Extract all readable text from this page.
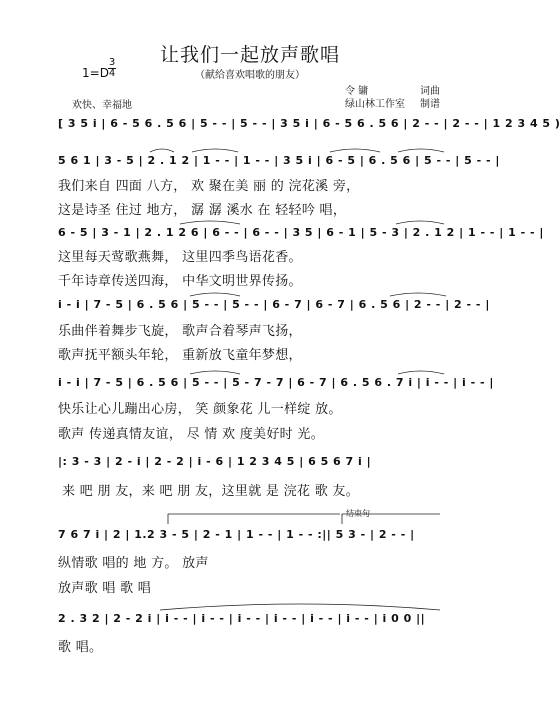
让我们一起放声歌唱
（献给喜欢唱歌的朋友）
1=D
3
4
欢快、幸福地
令 镛	词曲
绿山林工作室 制谱
[ 3 5 i | 6 - 5 6 . 5 6 | 5 - - | 5 - - | 3 5 i | 6 - 5 6 . 5 6 | 2 - - | 2 - - | 1 2 3 4 5 )
5 6 1 | 3 - 5 | 2 . 1 2 | 1 - - | 1 - - | 3 5 i | 6 - 5 | 6 . 5 6 | 5 - - | 5 - - |
我们来自 四面 八方， 欢 聚在美 丽 的 浣花溪 旁，
这是诗圣 住过 地方， 潺 潺 溪水 在 轻轻吟 唱，
6 - 5 | 3 - 1 | 2 . 1 2 6 | 6 - - | 6 - - | 3 5 | 6 - 1 | 5 - 3 | 2 . 1 2 | 1 - - | 1 - - |
这里每天莺歌燕舞， 这里四季鸟语花香。
千年诗章传送四海， 中华文明世界传扬。
i - i | 7 - 5 | 6 . 5 6 | 5 - - | 5 - - | 6 - 7 | 6 - 7 | 6 . 5 6 | 2 - - | 2 - - |
乐曲伴着舞步飞旋， 歌声合着琴声飞扬，
歌声抚平额头年轮， 重新放飞童年梦想，
i - i | 7 - 5 | 6 . 5 6 | 5 - - | 5 - 7 - 7 | 6 - 7 | 6 . 5 6 . 7 i | i - - | i - - |
快乐让心儿蹦出心房， 笑 颜象花 儿一样绽 放。
歌声 传递真情友谊， 尽 情 欢 度美好时 光。
|: 3 - 3 | 2 - i | 2 - 2 | i - 6 | 1 2 3 4 5 | 6 5 6 7 i |
来 吧 朋 友，来 吧 朋 友，这里就 是 浣花 歌 友。
结束句
7 6 7 i | 2 | 1.2 3 - 5 | 2 - 1 | 1 - - | 1 - - :|| 5 3 - | 2 - - |
纵情歌 唱的 地 方。 放声
放声歌 唱 歌 唱
2 . 3 2 | 2 - 2 i | i - - | i - - | i - - | i - - | i - - | i - - | i 0 0 ||
歌 唱。
